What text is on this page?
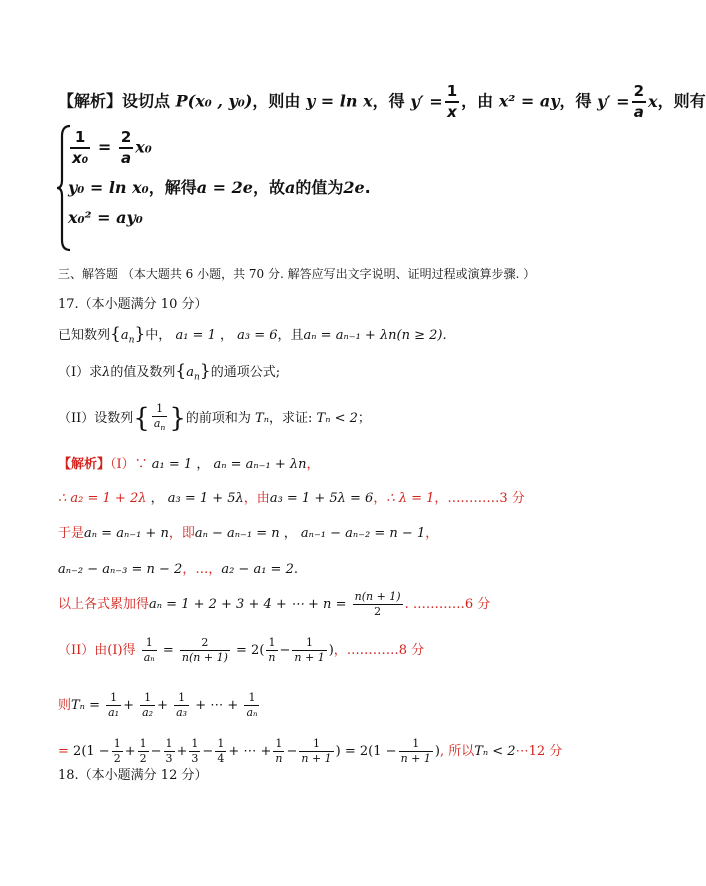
【解析】设切点 P(x₀ , y₀)，则由 y = ln x，得 $y' = \frac{1}{x}$ ，由 x² = ay，得 $y' = \frac{2}{a}$ x，则有
$\frac{1}{\text{x₀}} = \frac{2}{a} x_0$
y₀ = ln x₀，解得a = 2e，故a的值为2e.
x₀² = ay₀
三、解答题 （本大题共 6 小题，共 70 分. 解答应写出文字说明、证明过程或演算步骤. ）
17.（本小题满分 10 分）
已知数列$\{a_n\}$中， a₁ = 1 ， a₃ = 6，且aₙ = aₙ₋₁ + λn(n ≥ 2).
（I）求λ的值及数列$\{a_n\}$的通项公式;
（II）设数列{ $\frac{1}{a_n}$ }的前项和为 Tₙ，求证: Tₙ < 2；
【解析】（I）∵ a₁ = 1 ， aₙ = aₙ₋₁ + λn，
∴ a₂ = 1 + 2λ ， a₃ = 1 + 5λ，由a₃ = 1 + 5λ = 6，∴ λ = 1，…………3 分
于是aₙ = aₙ₋₁ + n，即aₙ − aₙ₋₁ = n ， aₙ₋₁ − aₙ₋₂ = n − 1，
aₙ₋₂ − aₙ₋₃ = n − 2，…，a₂ − a₁ = 2.
以上各式累加得aₙ = 1 + 2 + 3 + 4 + ⋯ + $n = \frac{n(n + 1)}{2}$ . …………6 分
（II）由(I)得 $\frac{1}{\text{aₙ}} = \frac{2}{n(n + 1)} = 2( \frac{1}{n} - \frac{1}{n + 1}$ )，…………8 分
则$T_n = \frac{1}{\text{a₁}} + \frac{1}{\text{a₂}} + \frac{1}{\text{a₃}}$ + ⋯ + $\frac{1}{\text{aₙ}}$
= $2(1 - \frac{1}{2} + \frac{1}{2} - \frac{1}{3} + \frac{1}{3} - \frac{1}{4}$ + ⋯ + $\frac{1}{n} - \frac{1}{n + 1}$ ) = $2(1 - \frac{1}{n + 1}$ ), 所以Tₙ < 2⋯12 分
18.（本小题满分 12 分）
